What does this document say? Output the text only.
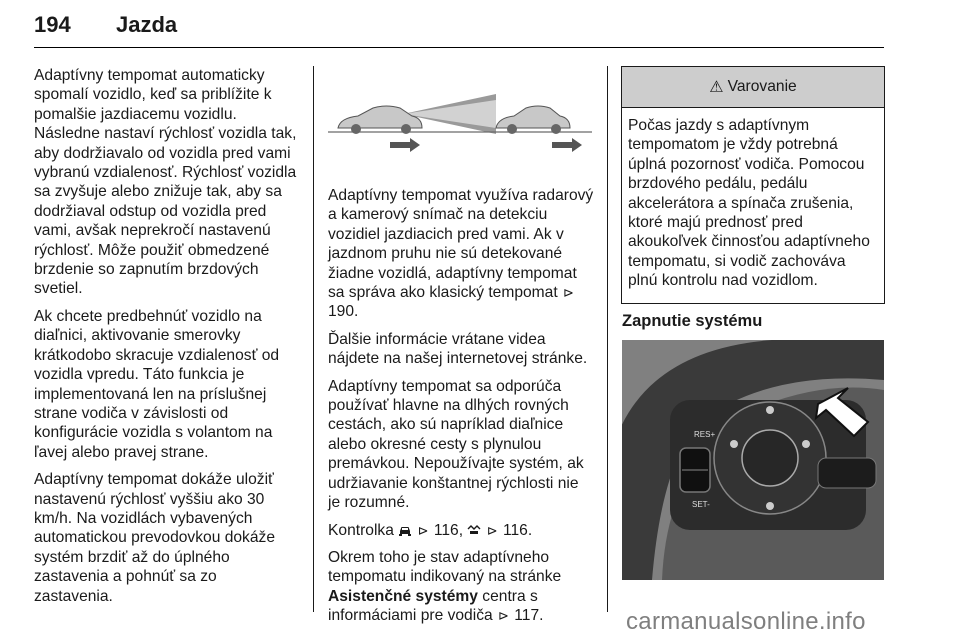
194 Jazda

Adaptívny tempomat automaticky spomalí vozidlo, keď sa priblížite k pomalšie jazdiacemu vozidlu. Následne nastaví rýchlosť vozidla tak, aby dodržiavalo od vozidla pred vami vybranú vzdialenosť. Rýchlosť vozidla sa zvyšuje alebo znižuje tak, aby sa dodržiaval odstup od vozidla pred vami, avšak neprekročí nastavenú rýchlosť. Môže použiť obmedzené brzdenie so zapnutím brzdových svetiel.

Ak chcete predbehnúť vozidlo na diaľnici, aktivovanie smerovky krátkodobo skracuje vzdialenosť od vozidla vpredu. Táto funkcia je implementovaná len na príslušnej strane vodiča v závislosti od konfigurácie vozidla s volantom na ľavej alebo pravej strane.

Adaptívny tempomat dokáže uložiť nastavenú rýchlosť vyššiu ako 30 km/h. Na vozidlách vybavených automatickou prevodovkou dokáže systém brzdiť až do úplného zastavenia a pohnúť sa zo zastavenia.

Adaptívny tempomat využíva radarový a kamerový snímač na detekciu vozidiel jazdiacich pred vami. Ak v jazdnom pruhu nie sú detekované žiadne vozidlá, adaptívny tempomat sa správa ako klasický tempomat ⊳ 190.

Ďalšie informácie vrátane videa nájdete na našej internetovej stránke.

Adaptívny tempomat sa odporúča používať hlavne na dlhých rovných cestách, ako sú napríklad diaľnice alebo okresné cesty s plynulou premávkou. Nepoužívajte systém, ak udržiavanie konštantnej rýchlosti nie je rozumné.

Kontrolka ⊳ 116, ⊳ 116.

Okrem toho je stav adaptívneho tempomatu indikovaný na stránke Asistenčné systémy centra s informáciami pre vodiča ⊳ 117.

⚠ Varovanie
Počas jazdy s adaptívnym tempomatom je vždy potrebná úplná pozornosť vodiča. Pomocou brzdového pedálu, pedálu akcelerátora a spínača zrušenia, ktoré majú prednosť pred akoukoľvek činnosťou adaptívneho tempomatu, si vodič zachováva plnú kontrolu nad vozidlom.
Zapnutie systému
RES+
SET-
carmanualsonline.info
